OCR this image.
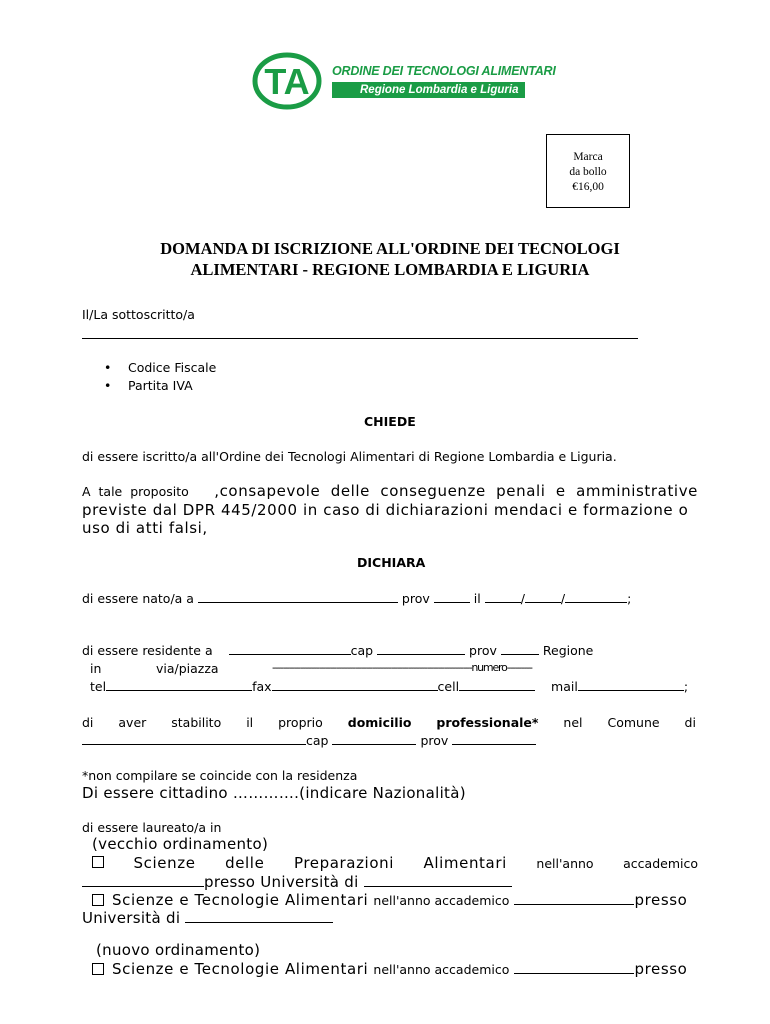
TA ORDINE DEI TECNOLOGI ALIMENTARI
Regione Lombardia e Liguria
Marca
da bollo
€16,00
DOMANDA DI ISCRIZIONE ALL'ORDINE DEI TECNOLOGI
ALIMENTARI - REGIONE LOMBARDIA E LIGURIA
Il/La sottoscritto/a
• Codice Fiscale
• Partita IVA
CHIEDE
di essere iscritto/a all'Ordine dei Tecnologi Alimentari di Regione Lombardia e Liguria.
A tale proposito ,consapevole delle conseguenze penali e amministrative
previste dal DPR 445/2000 in caso di dichiarazioni mendaci e formazione o
uso di atti falsi,
DICHIARA
di essere nato/a a	prov	il	/	/	;
di essere residente a	cap	prov	Regione
in	via/piazza	------------------------------------------------------------------------numero---------
tel	fax	cell	mail	;
di aver stabilito il proprio domicilio professionale* nel Comune di
cap	prov
*non compilare se coincide con la residenza
Di essere cittadino ………….(indicare Nazionalità)
di essere laureato/a in
(vecchio ordinamento)
Scienze delle Preparazioni Alimentari nell'anno accademico
presso Università di
Scienze e Tecnologie Alimentari nell'anno accademico	presso
Università di
(nuovo ordinamento)
Scienze e Tecnologie Alimentari nell'anno accademico	presso
